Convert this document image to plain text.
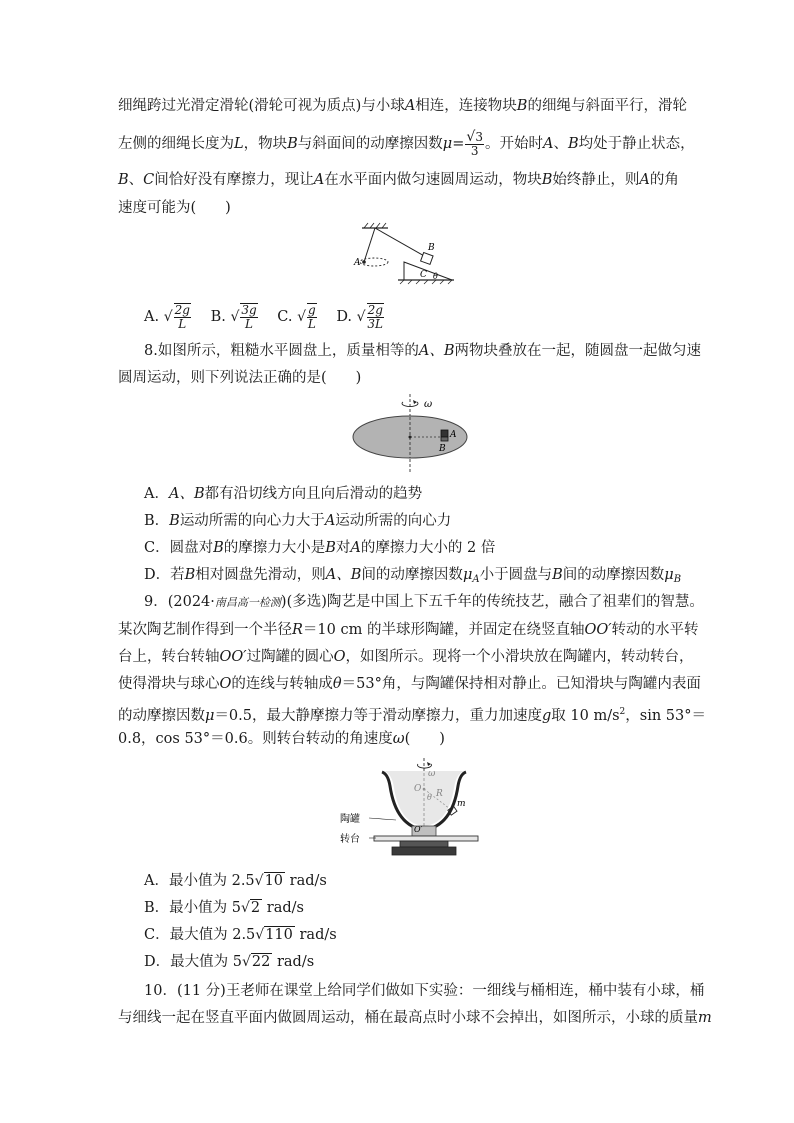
细绳跨过光滑定滑轮(滑轮可视为质点)与小球A相连，连接物块B的细绳与斜面平行，滑轮
左侧的细绳长度为L，物块B与斜面间的动摩擦因数$\mu= \frac{√3}{3}$ 。开始时A、B均处于静止状态，
B、C间恰好没有摩擦力，现让A在水平面内做匀速圆周运动，物块B始终静止，则A的角
速度可能为(　　)
A
B
C θ
A. √ $\frac{2g}{L} B$. √ $\frac{3g}{L} C$. √ $\frac{g}{L} D$. √ $\frac{2g}{3L}$
8.如图所示，粗糙水平圆盘上，质量相等的A、B两物块叠放在一起，随圆盘一起做匀速
圆周运动，则下列说法正确的是(　　)
ω
A
B
A．A、B都有沿切线方向且向后滑动的趋势
B．B运动所需的向心力大于A运动所需的向心力
C．圆盘对B的摩擦力大小是B对A的摩擦力大小的 2 倍
D．若B相对圆盘先滑动，则A、B间的动摩擦因数$\mu_A$小于圆盘与B间的动摩擦因数$\mu_B$
9．(2024·南昌高一检测)(多选)陶艺是中国上下五千年的传统技艺，融合了祖辈们的智慧。
某次陶艺制作得到一个半径R＝10 cm 的半球形陶罐，并固定在绕竖直轴OO′转动的水平转
台上，转台转轴OO′过陶罐的圆心O，如图所示。现将一个小滑块放在陶罐内，转动转台，
使得滑块与球心O的连线与转轴成θ＝53°角，与陶罐保持相对静止。已知滑块与陶罐内表面
的动摩擦因数μ＝0.5，最大静摩擦力等于滑动摩擦力，重力加速度g取 10 $m/s^2$，sin 53°＝
0.8，cos 53°＝0.6。则转台转动的角速度ω(　　)
m
O′
陶罐
转台
A．最小值为 2.5√10 rad/s
B．最小值为 5√2 rad/s
C．最大值为 2.5√110 rad/s
D．最大值为 5√22 rad/s
10．(11 分)王老师在课堂上给同学们做如下实验：一细线与桶相连，桶中装有小球，桶
与细线一起在竖直平面内做圆周运动，桶在最高点时小球不会掉出，如图所示，小球的质量m
